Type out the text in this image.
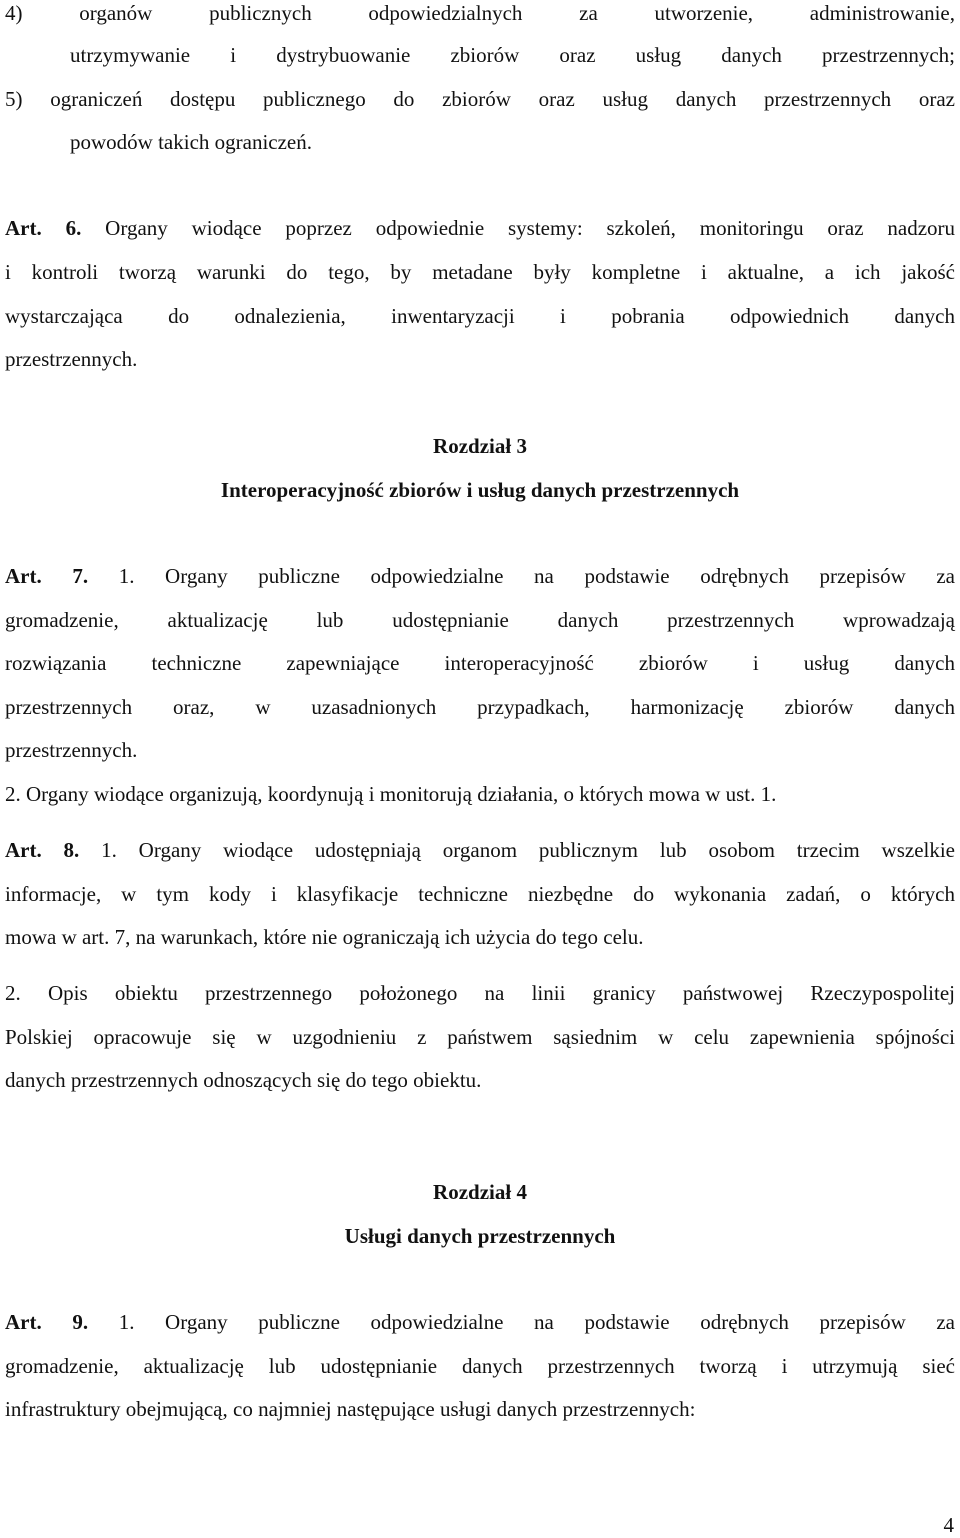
4) organów publicznych odpowiedzialnych za utworzenie, administrowanie,
utrzymywanie i dystrybuowanie zbiorów oraz usług danych przestrzennych;
5) ograniczeń dostępu publicznego do zbiorów oraz usług danych przestrzennych oraz
powodów takich ograniczeń.
Art. 6. Organy wiodące poprzez odpowiednie systemy: szkoleń, monitoringu oraz nadzoru
i kontroli tworzą warunki do tego, by metadane były kompletne i aktualne, a ich jakość
wystarczająca do odnalezienia, inwentaryzacji i pobrania odpowiednich danych
przestrzennych.
Rozdział 3
Interoperacyjność zbiorów i usług danych przestrzennych
Art. 7. 1. Organy publiczne odpowiedzialne na podstawie odrębnych przepisów za
gromadzenie, aktualizację lub udostępnianie danych przestrzennych wprowadzają
rozwiązania techniczne zapewniające interoperacyjność zbiorów i usług danych
przestrzennych oraz, w uzasadnionych przypadkach, harmonizację zbiorów danych
przestrzennych.
2. Organy wiodące organizują, koordynują i monitorują działania, o których mowa w ust. 1.
Art. 8. 1. Organy wiodące udostępniają organom publicznym lub osobom trzecim wszelkie
informacje, w tym kody i klasyfikacje techniczne niezbędne do wykonania zadań, o których
mowa w art. 7, na warunkach, które nie ograniczają ich użycia do tego celu.
2. Opis obiektu przestrzennego położonego na linii granicy państwowej Rzeczypospolitej
Polskiej opracowuje się w uzgodnieniu z państwem sąsiednim w celu zapewnienia spójności
danych przestrzennych odnoszących się do tego obiektu.
Rozdział 4
Usługi danych przestrzennych
Art. 9. 1. Organy publiczne odpowiedzialne na podstawie odrębnych przepisów za
gromadzenie, aktualizację lub udostępnianie danych przestrzennych tworzą i utrzymują sieć
infrastruktury obejmującą, co najmniej następujące usługi danych przestrzennych:
4
